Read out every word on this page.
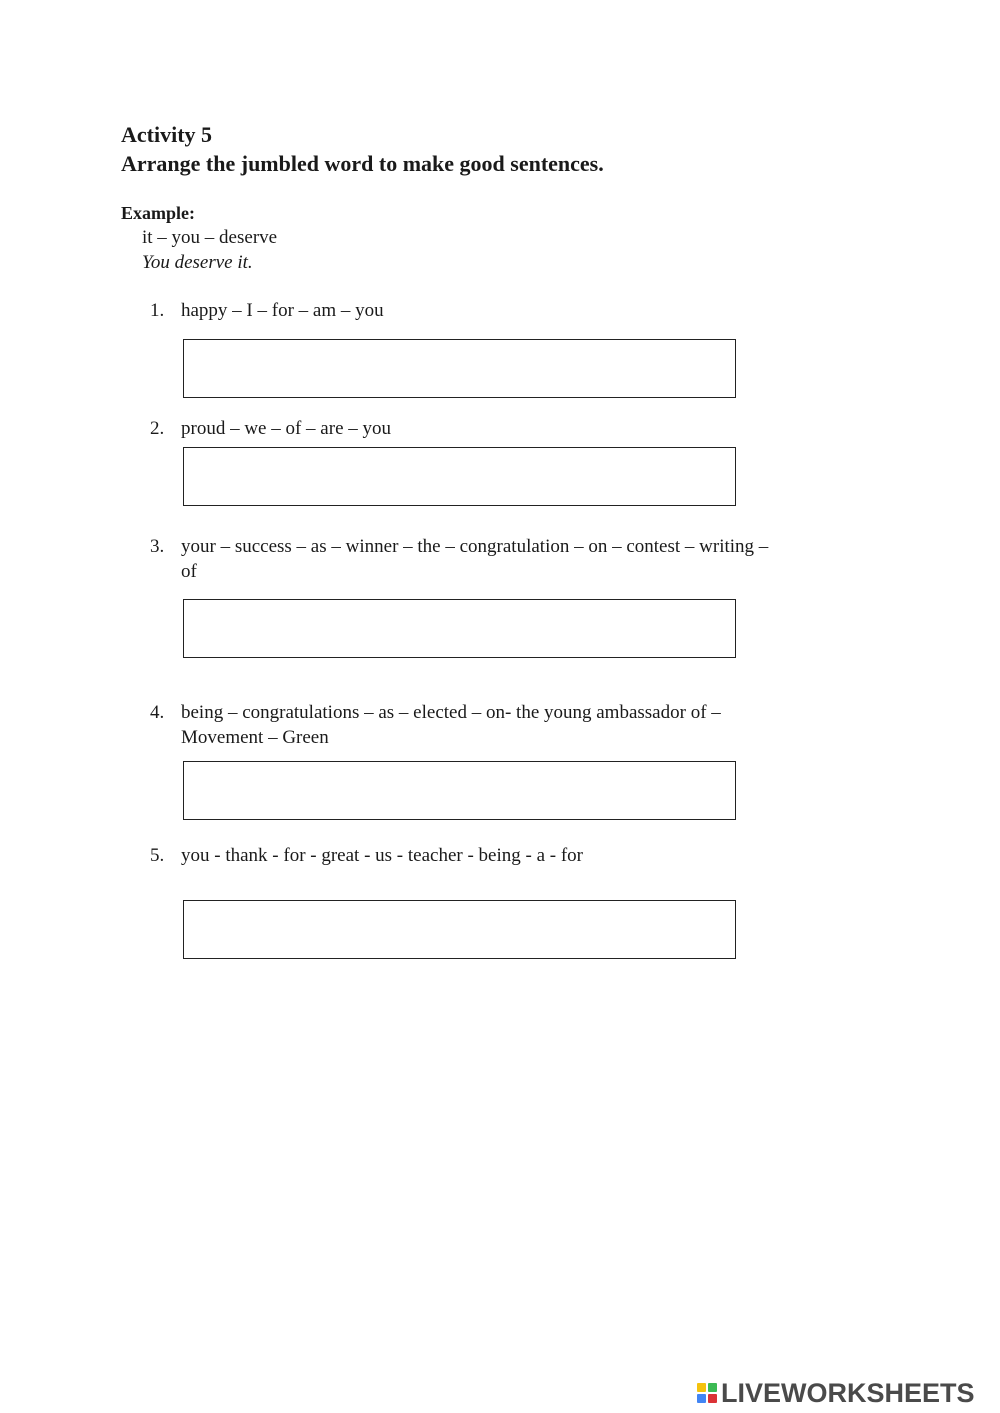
Activity 5
Arrange the jumbled word to make good sentences.
Example:
it – you – deserve
You deserve it.
1. happy – I – for – am – you
2. proud – we – of – are – you
3. your – success – as – winner – the – congratulation – on – contest – writing –
of
4. being – congratulations – as – elected – on- the young ambassador of –
Movement – Green
5. you - thank - for - great - us - teacher - being - a - for
LIVEWORKSHEETS
